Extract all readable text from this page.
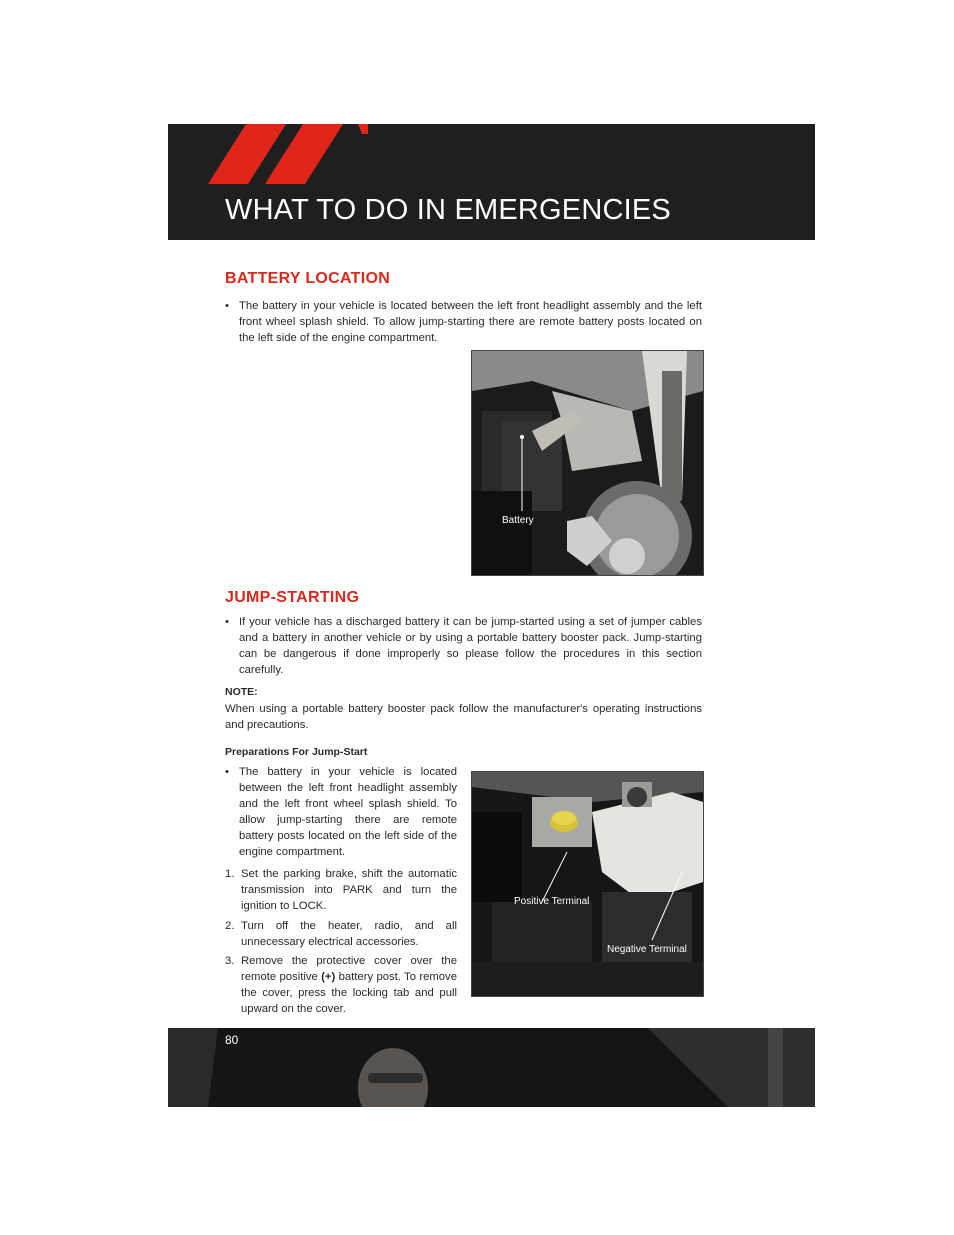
WHAT TO DO IN EMERGENCIES
BATTERY LOCATION
• The battery in your vehicle is located between the left front headlight assembly and the left front wheel splash shield. To allow jump-starting there are remote battery posts located on the left side of the engine compartment.
Battery
JUMP-STARTING
• If your vehicle has a discharged battery it can be jump-started using a set of jumper cables and a battery in another vehicle or by using a portable battery booster pack. Jump-starting can be dangerous if done improperly so please follow the procedures in this section carefully.
NOTE:
When using a portable battery booster pack follow the manufacturer's operating instructions and precautions.
Preparations For Jump-Start
• The battery in your vehicle is located between the left front headlight assembly and the left front wheel splash shield. To allow jump-starting there are remote battery posts located on the left side of the engine compartment.
1. Set the parking brake, shift the automatic transmission into PARK and turn the ignition to LOCK.
2. Turn off the heater, radio, and all unnecessary electrical accessories.
3. Remove the protective cover over the remote positive (+) battery post. To remove the cover, press the locking tab and pull upward on the cover.
Positive Terminal
Negative Terminal
80
